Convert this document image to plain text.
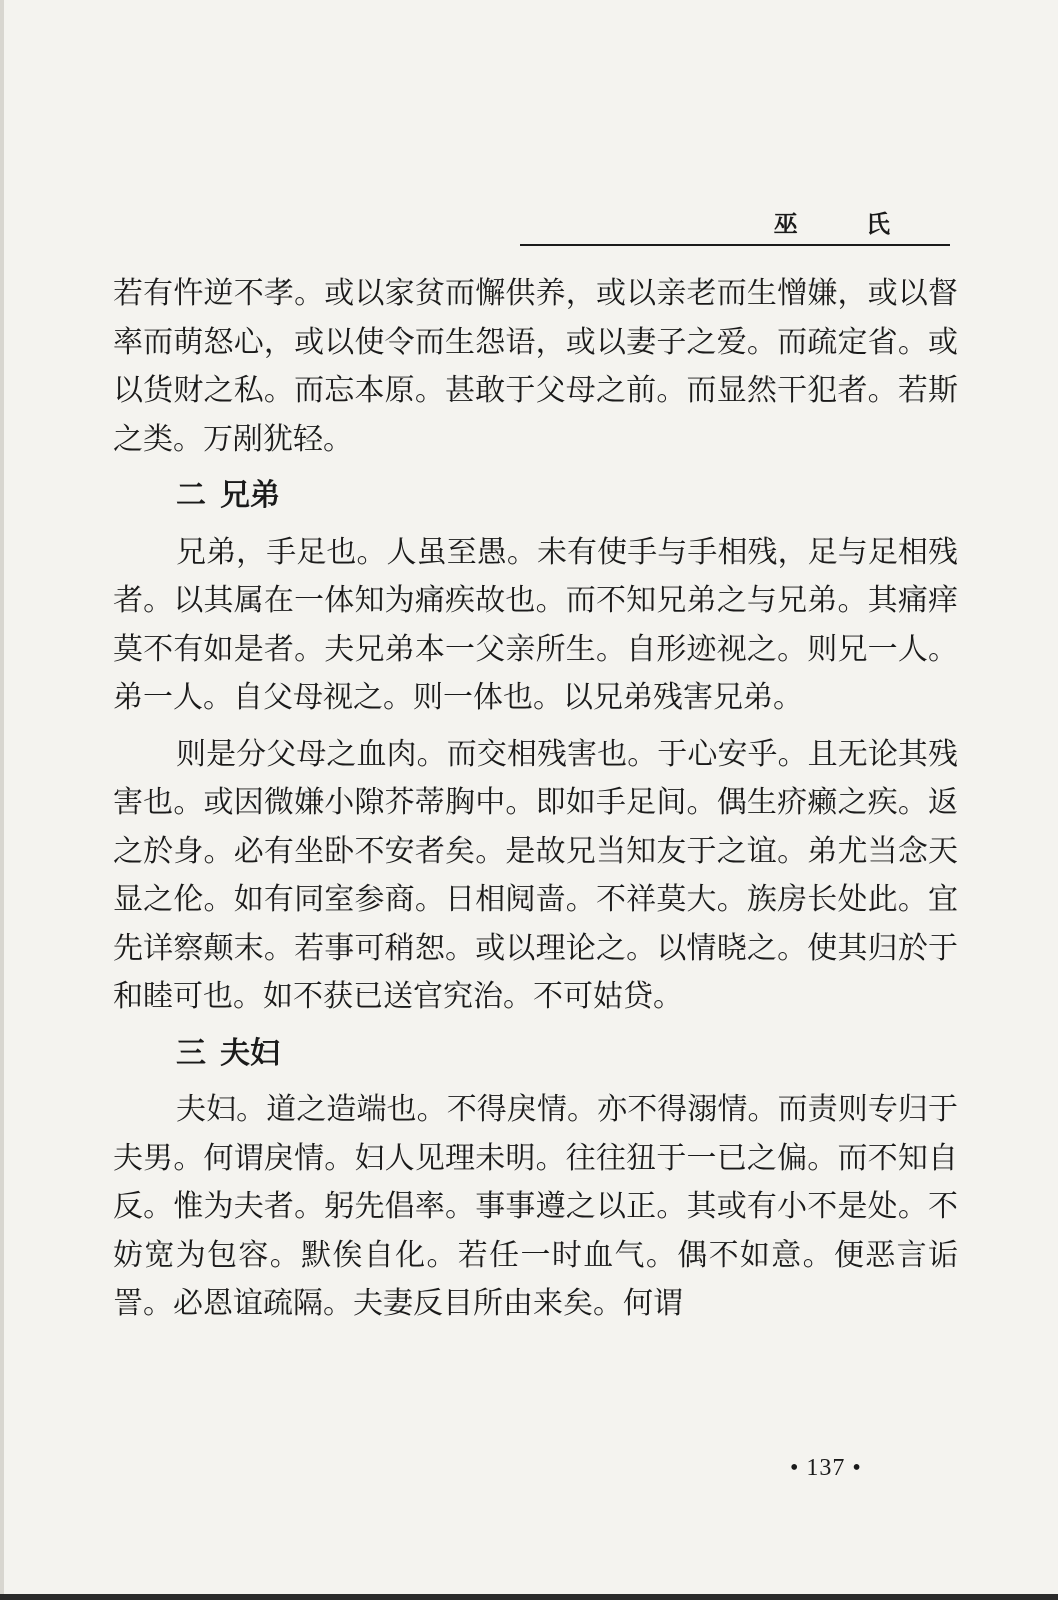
巫 氏

若有忤逆不孝。或以家贫而懈供养，或以亲老而生憎嫌，或以督率而萌怒心，或以使令而生怨语，或以妻子之爱。而疏定省。或以货财之私。而忘本原。甚敢于父母之前。而显然干犯者。若斯之类。万剐犹轻。

二 兄弟

兄弟，手足也。人虽至愚。未有使手与手相残，足与足相残者。以其属在一体知为痛疾故也。而不知兄弟之与兄弟。其痛痒莫不有如是者。夫兄弟本一父亲所生。自形迹视之。则兄一人。弟一人。自父母视之。则一体也。以兄弟残害兄弟。

则是分父母之血肉。而交相残害也。于心安乎。且无论其残害也。或因微嫌小隙芥蒂胸中。即如手足间。偶生疥癞之疾。返之於身。必有坐卧不安者矣。是故兄当知友于之谊。弟尤当念天显之伦。如有同室参商。日相阋啬。不祥莫大。族房长处此。宜先详察颠末。若事可稍恕。或以理论之。以情晓之。使其归於于和睦可也。如不获已送官究治。不可姑贷。

三 夫妇

夫妇。道之造端也。不得戾情。亦不得溺情。而责则专归于夫男。何谓戾情。妇人见理未明。往往狃于一已之偏。而不知自反。惟为夫者。躬先倡率。事事遵之以正。其或有小不是处。不妨宽为包容。默俟自化。若任一时血气。偶不如意。便恶言诟詈。必恩谊疏隔。夫妻反目所由来矣。何谓

• 137 •
